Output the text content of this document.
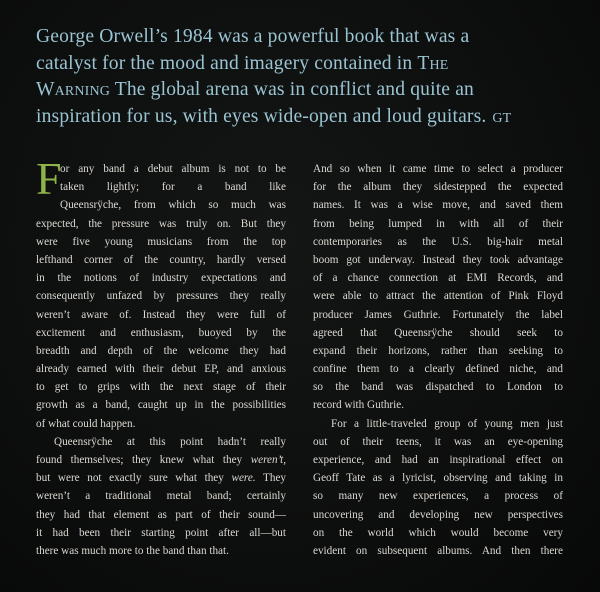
George Orwell’s 1984 was a powerful book that was a
catalyst for the mood and imagery contained in The
Warning The global arena was in conflict and quite an
inspiration for us, with eyes wide-open and loud guitars. GT
F
or any band a debut album is not to be
taken lightly; for a band like
Queensrÿche, from which so much was
expected, the pressure was truly on. But they
were five young musicians from the top
lefthand corner of the country, hardly versed
in the notions of industry expectations and
consequently unfazed by pressures they really
weren’t aware of. Instead they were full of
excitement and enthusiasm, buoyed by the
breadth and depth of the welcome they had
already earned with their debut EP, and anxious
to get to grips with the next stage of their
growth as a band, caught up in the possibilities
of what could happen.
Queensrÿche at this point hadn’t really
found themselves; they knew what they weren’t,
but were not exactly sure what they were. They
weren’t a traditional metal band; certainly
they had that element as part of their sound—
it had been their starting point after all—but
there was much more to the band than that.
And so when it came time to select a producer
for the album they sidestepped the expected
names. It was a wise move, and saved them
from being lumped in with all of their
contemporaries as the U.S. big-hair metal
boom got underway. Instead they took advantage
of a chance connection at EMI Records, and
were able to attract the attention of Pink Floyd
producer James Guthrie. Fortunately the label
agreed that Queensrÿche should seek to
expand their horizons, rather than seeking to
confine them to a clearly defined niche, and
so the band was dispatched to London to
record with Guthrie.
For a little-traveled group of young men just
out of their teens, it was an eye-opening
experience, and had an inspirational effect on
Geoff Tate as a lyricist, observing and taking in
so many new experiences, a process of
uncovering and developing new perspectives
on the world which would become very
evident on subsequent albums. And then there
